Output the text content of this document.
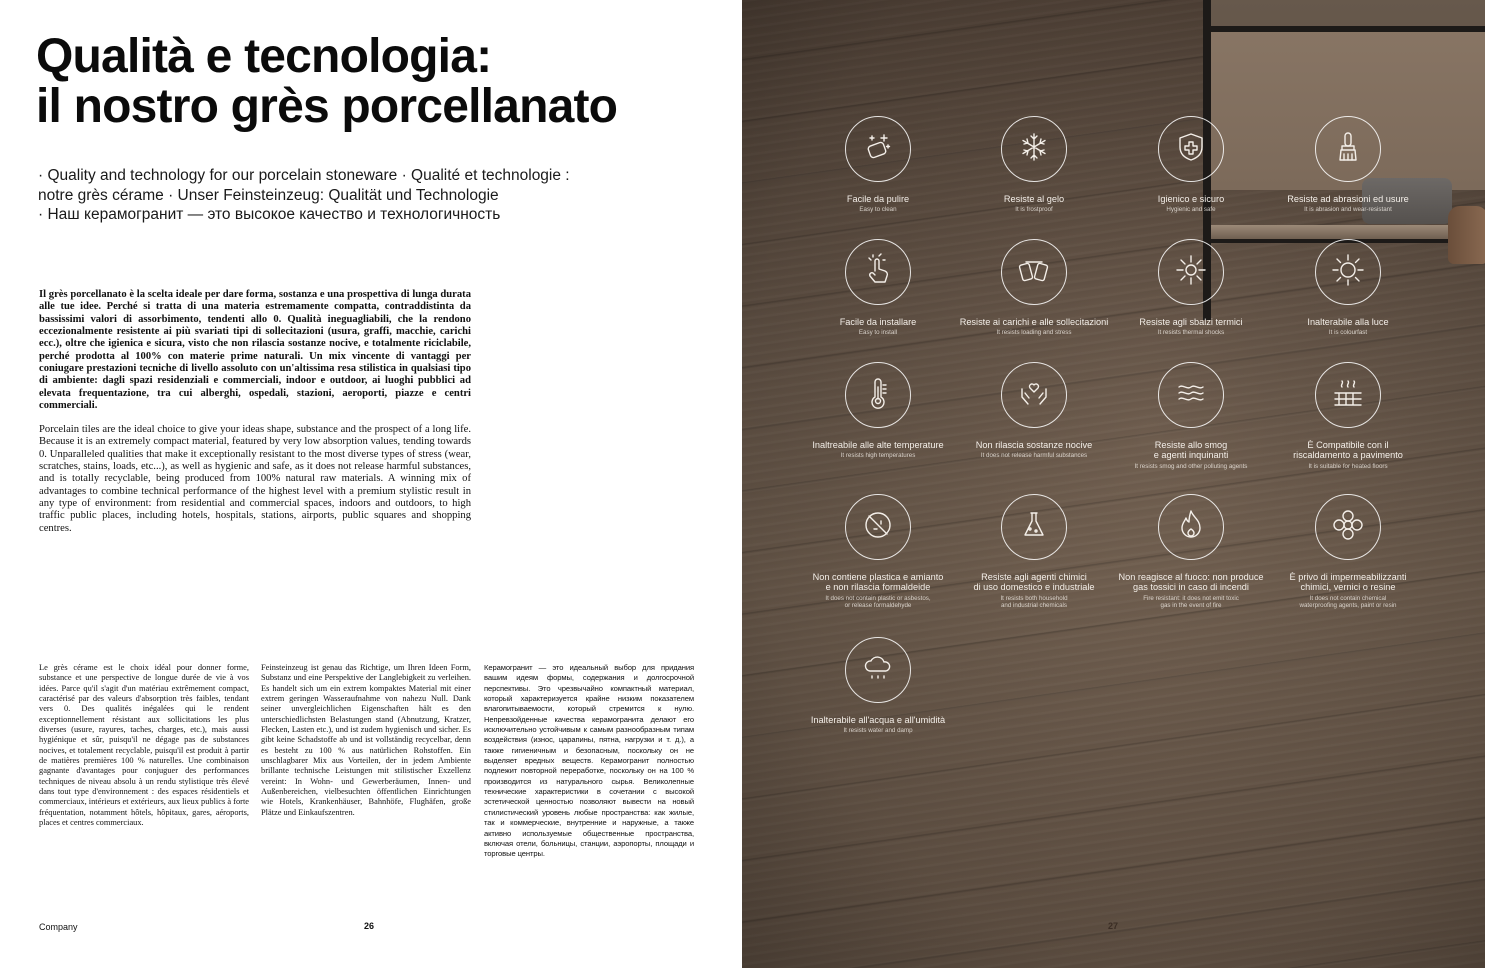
Qualità e tecnologia:
il nostro grès porcellanato
· Quality and technology for our porcelain stoneware · Qualité et technologie :
notre grès cérame · Unser Feinsteinzeug: Qualität und Technologie
· Наш керамогранит — это высокое качество и технологичность

Il grès porcellanato è la scelta ideale per dare forma, sostanza e una prospettiva di lunga durata alle tue idee. Perché si tratta di una materia estremamente compatta, contraddistinta da bassissimi valori di assorbimento, tendenti allo 0. Qualità ineguagliabili, che la rendono eccezionalmente resistente ai più svariati tipi di sollecitazioni (usura, graffi, macchie, carichi ecc.), oltre che igienica e sicura, visto che non rilascia sostanze nocive, e totalmente riciclabile, perché prodotta al 100% con materie prime naturali. Un mix vincente di vantaggi per coniugare prestazioni tecniche di livello assoluto con un'altissima resa stilistica in qualsiasi tipo di ambiente: dagli spazi residenziali e commerciali, indoor e outdoor, ai luoghi pubblici ad elevata frequentazione, tra cui alberghi, ospedali, stazioni, aeroporti, piazze e centri commerciali.

Porcelain tiles are the ideal choice to give your ideas shape, substance and the prospect of a long life. Because it is an extremely compact material, featured by very low absorption values, tending towards 0. Unparalleled qualities that make it exceptionally resistant to the most diverse types of stress (wear, scratches, stains, loads, etc...), as well as hygienic and safe, as it does not release harmful substances, and is totally recyclable, being produced from 100% natural raw materials. A winning mix of advantages to combine technical performance of the highest level with a premium stylistic result in any type of environment: from residential and commercial spaces, indoors and outdoors, to high traffic public places, including hotels, hospitals, stations, airports, public squares and shopping centres.

Le grès cérame est le choix idéal pour donner forme, substance et une perspective de longue durée de vie à vos idées. Parce qu'il s'agit d'un matériau extrêmement compact, caractérisé par des valeurs d'absorption très faibles, tendant vers 0. Des qualités inégalées qui le rendent exceptionnellement résistant aux sollicitations les plus diverses (usure, rayures, taches, charges, etc.), mais aussi hygiénique et sûr, puisqu'il ne dégage pas de substances nocives, et totalement recyclable, puisqu'il est produit à partir de matières premières 100 % naturelles. Une combinaison gagnante d'avantages pour conjuguer des performances techniques de niveau absolu à un rendu stylistique très élevé dans tout type d'environnement : des espaces résidentiels et commerciaux, intérieurs et extérieurs, aux lieux publics à forte fréquentation, notamment hôtels, hôpitaux, gares, aéroports, places et centres commerciaux.

Feinsteinzeug ist genau das Richtige, um Ihren Ideen Form, Substanz und eine Perspektive der Langlebigkeit zu verleihen. Es handelt sich um ein extrem kompaktes Material mit einer extrem geringen Wasseraufnahme von nahezu Null. Dank seiner unvergleichlichen Eigenschaften hält es den unterschiedlichsten Belastungen stand (Abnutzung, Kratzer, Flecken, Lasten etc.), und ist zudem hygienisch und sicher. Es gibt keine Schadstoffe ab und ist vollständig recycelbar, denn es besteht zu 100 % aus natürlichen Rohstoffen. Ein unschlagbarer Mix aus Vorteilen, der in jedem Ambiente brillante technische Leistungen mit stilistischer Exzellenz vereint: In Wohn- und Gewerberäumen, Innen- und Außenbereichen, vielbesuchten öffentlichen Einrichtungen wie Hotels, Krankenhäuser, Bahnhöfe, Flughäfen, große Plätze und Einkaufszentren.

Керамогранит — это идеальный выбор для придания вашим идеям формы, содержания и долгосрочной перспективы. Это чрезвычайно компактный материал, который характеризуется крайне низким показателем влагопитываемости, который стремится к нулю. Непревзойденные качества керамогранита делают его исключительно устойчивым к самым разнообразным типам воздействия (износ, царапины, пятна, нагрузки и т. д.), а также гигиеничным и безопасным, поскольку он не выделяет вредных веществ. Керамогранит полностью подлежит повторной переработке, поскольку он на 100 % производится из натурального сырья. Великолепные технические характеристики в сочетании с высокой эстетической ценностью позволяют вывести на новый стилистический уровень любые пространства: как жилые, так и коммерческие, внутренние и наружные, а также активно используемые общественные пространства, включая отели, больницы, станции, аэропорты, площади и торговые центры.

Company	26
Facile da pulire
Easy to clean
Resiste al gelo
It is frostproof
Igienico e sicuro
Hygienic and safe
Resiste ad abrasioni ed usure
It is abrasion and wear-resistant
Facile da installare
Easy to install
Resiste ai carichi e alle sollecitazioni
It resists loading and stress
Resiste agli sbalzi termici
It resists thermal shocks
Inalterabile alla luce
It is colourfast
Inaltreabile alle alte temperature
It resists high temperatures
Non rilascia sostanze nocive
It does not release harmful substances
Resiste allo smog
e agenti inquinanti
It resists smog and other polluting agents
È Compatibile con il
riscaldamento a pavimento
It is suitable for heated floors
Non contiene plastica e amianto
e non rilascia formaldeide
It does not contain plastic or asbestos,
or release formaldehyde
Resiste agli agenti chimici
di uso domestico e industriale
It resists both household
and industrial chemicals
Non reagisce al fuoco: non produce
gas tossici in caso di incendi
Fire resistant: it does not emit toxic
gas in the event of fire
È privo di impermeabilizzanti
chimici, vernici o resine
It does not contain chemical
waterproofing agents, paint or resin
Inalterabile all'acqua e all'umidità
It resists water and damp
27
